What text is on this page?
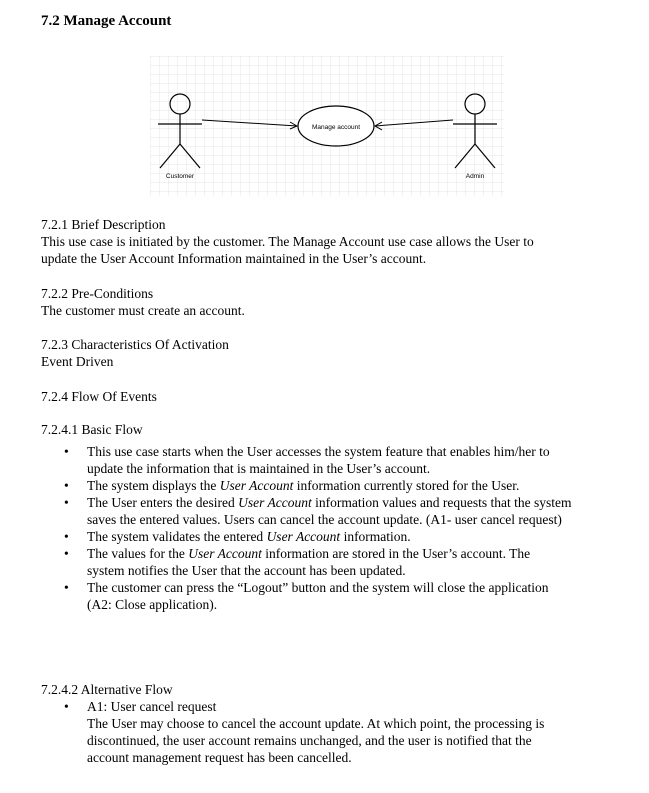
7.2 Manage Account
Customer	Admin
Manage account
7.2.1 Brief Description
This use case is initiated by the customer. The Manage Account use case allows the User to
update the User Account Information maintained in the User’s account.
7.2.2 Pre-Conditions
The customer must create an account.
7.2.3 Characteristics Of Activation
Event Driven
7.2.4 Flow Of Events
7.2.4.1 Basic Flow
• This use case starts when the User accesses the system feature that enables him/her to
update the information that is maintained in the User’s account.
• The system displays the User Account information currently stored for the User.
• The User enters the desired User Account information values and requests that the system
saves the entered values. Users can cancel the account update. (A1- user cancel request)
• The system validates the entered User Account information.
• The values for the User Account information are stored in the User’s account. The
system notifies the User that the account has been updated.
• The customer can press the “Logout” button and the system will close the application
(A2: Close application).
7.2.4.2 Alternative Flow
• A1: User cancel request
The User may choose to cancel the account update. At which point, the processing is
discontinued, the user account remains unchanged, and the user is notified that the
account management request has been cancelled.
